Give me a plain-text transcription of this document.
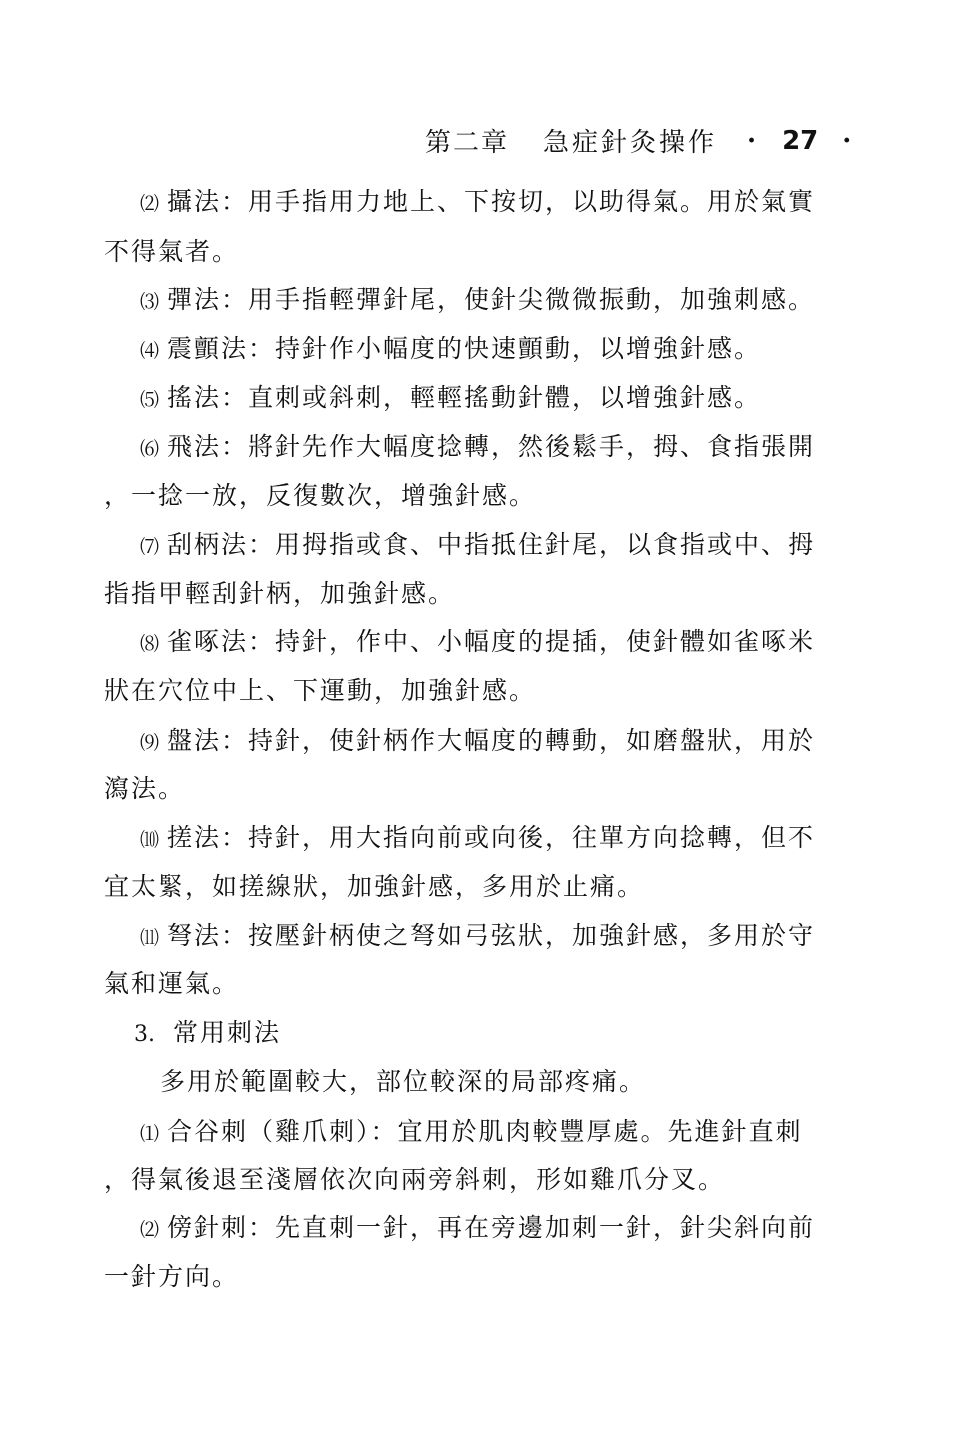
第二章 急症針灸操作 · 27 ·
⑵ 攝法：用手指用力地上、下按切，以助得氣。用於氣實
不得氣者。
⑶ 彈法：用手指輕彈針尾，使針尖微微振動，加強刺感。
⑷ 震顫法：持針作小幅度的快速顫動，以增強針感。
⑸ 搖法：直刺或斜刺，輕輕搖動針體，以增強針感。
⑹ 飛法：將針先作大幅度捻轉，然後鬆手，拇、食指張開
，一捻一放，反復數次，增強針感。
⑺ 刮柄法：用拇指或食、中指抵住針尾，以食指或中、拇
指指甲輕刮針柄，加強針感。
⑻ 雀啄法：持針，作中、小幅度的提插，使針體如雀啄米
狀在穴位中上、下運動，加強針感。
⑼ 盤法：持針，使針柄作大幅度的轉動，如磨盤狀，用於
瀉法。
⑽ 搓法：持針，用大指向前或向後，往單方向捻轉，但不
宜太緊，如搓線狀，加強針感，多用於止痛。
⑾ 弩法：按壓針柄使之弩如弓弦狀，加強針感，多用於守
氣和運氣。
3. 常用刺法
多用於範圍較大，部位較深的局部疼痛。
⑴ 合谷刺（雞爪刺）：宜用於肌肉較豐厚處。先進針直刺
，得氣後退至淺層依次向兩旁斜刺，形如雞爪分叉。
⑵ 傍針刺：先直刺一針，再在旁邊加刺一針，針尖斜向前
一針方向。
